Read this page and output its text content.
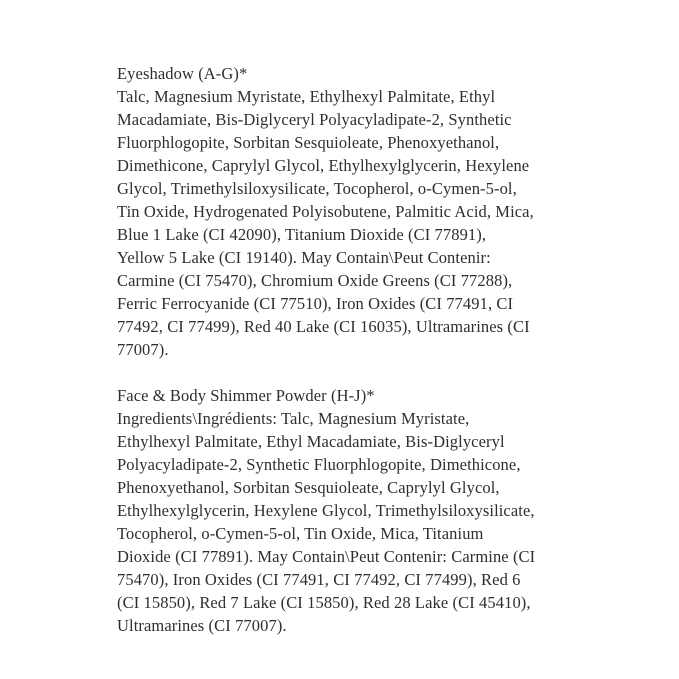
Eyeshadow (A-G)*
Talc, Magnesium Myristate, Ethylhexyl Palmitate, Ethyl
Macadamiate, Bis-Diglyceryl Polyacyladipate-2, Synthetic
Fluorphlogopite, Sorbitan Sesquioleate, Phenoxyethanol,
Dimethicone, Caprylyl Glycol, Ethylhexylglycerin, Hexylene
Glycol, Trimethylsiloxysilicate, Tocopherol, o-Cymen-5-ol,
Tin Oxide, Hydrogenated Polyisobutene, Palmitic Acid, Mica,
Blue 1 Lake (CI 42090), Titanium Dioxide (CI 77891),
Yellow 5 Lake (CI 19140). May Contain\Peut Contenir:
Carmine (CI 75470), Chromium Oxide Greens (CI 77288),
Ferric Ferrocyanide (CI 77510), Iron Oxides (CI 77491, CI
77492, CI 77499), Red 40 Lake (CI 16035), Ultramarines (CI
77007).
Face & Body Shimmer Powder (H-J)*
Ingredients\Ingrédients: Talc, Magnesium Myristate,
Ethylhexyl Palmitate, Ethyl Macadamiate, Bis-Diglyceryl
Polyacyladipate-2, Synthetic Fluorphlogopite, Dimethicone,
Phenoxyethanol, Sorbitan Sesquioleate, Caprylyl Glycol,
Ethylhexylglycerin, Hexylene Glycol, Trimethylsiloxysilicate,
Tocopherol, o-Cymen-5-ol, Tin Oxide, Mica, Titanium
Dioxide (CI 77891). May Contain\Peut Contenir: Carmine (CI
75470), Iron Oxides (CI 77491, CI 77492, CI 77499), Red 6
(CI 15850), Red 7 Lake (CI 15850), Red 28 Lake (CI 45410),
Ultramarines (CI 77007).
